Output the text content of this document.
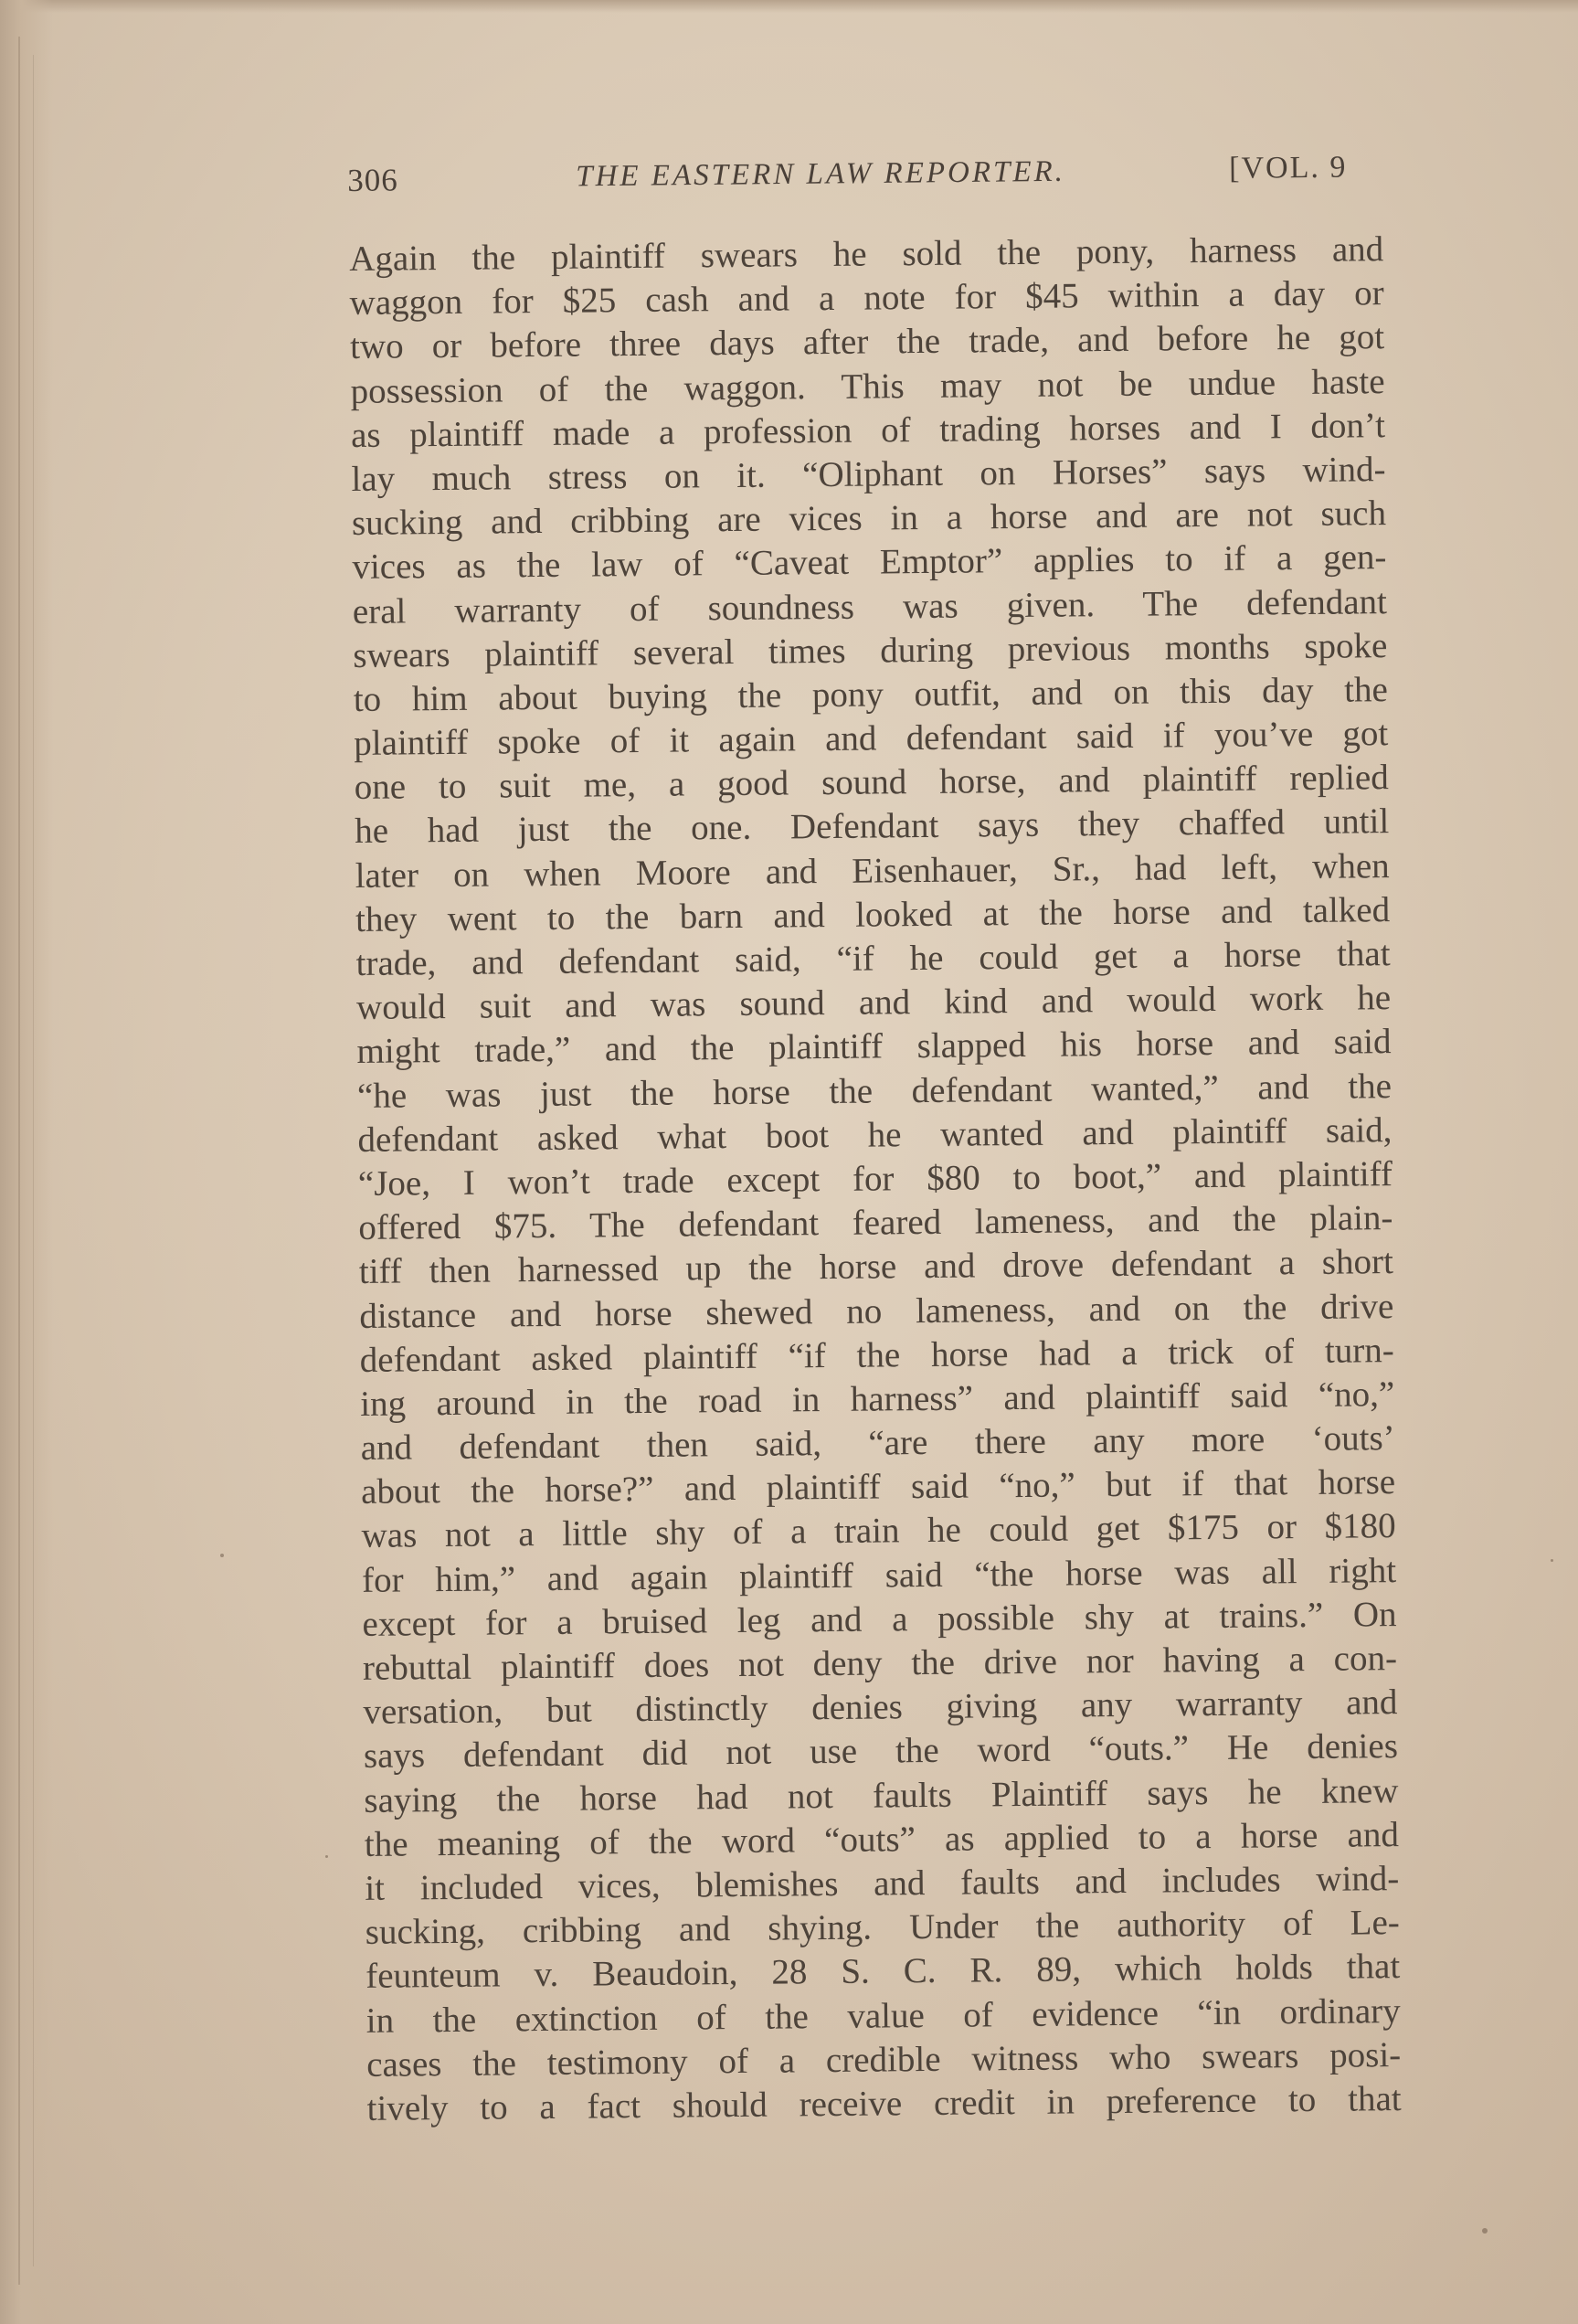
306	THE EASTERN LAW REPORTER.	[VOL. 9
Again the plaintiff swears he sold the pony, harness and
waggon for $25 cash and a note for $45 within a day or
two or before three days after the trade, and before he got
possession of the waggon. This may not be undue haste
as plaintiff made a profession of trading horses and I don’t
lay much stress on it. “Oliphant on Horses” says wind-
sucking and cribbing are vices in a horse and are not such
vices as the law of “Caveat Emptor” applies to if a gen-
eral warranty of soundness was given. The defendant
swears plaintiff several times during previous months spoke
to him about buying the pony outfit, and on this day the
plaintiff spoke of it again and defendant said if you’ve got
one to suit me, a good sound horse, and plaintiff replied
he had just the one. Defendant says they chaffed until
later on when Moore and Eisenhauer, Sr., had left, when
they went to the barn and looked at the horse and talked
trade, and defendant said, “if he could get a horse that
would suit and was sound and kind and would work he
might trade,” and the plaintiff slapped his horse and said
“he was just the horse the defendant wanted,” and the
defendant asked what boot he wanted and plaintiff said,
“Joe, I won’t trade except for $80 to boot,” and plaintiff
offered $75. The defendant feared lameness, and the plain-
tiff then harnessed up the horse and drove defendant a short
distance and horse shewed no lameness, and on the drive
defendant asked plaintiff “if the horse had a trick of turn-
ing around in the road in harness” and plaintiff said “no,”
and defendant then said, “are there any more ‘outs’
about the horse?” and plaintiff said “no,” but if that horse
was not a little shy of a train he could get $175 or $180
for him,” and again plaintiff said “the horse was all right
except for a bruised leg and a possible shy at trains.” On
rebuttal plaintiff does not deny the drive nor having a con-
versation, but distinctly denies giving any warranty and
says defendant did not use the word “outs.” He denies
saying the horse had not faults Plaintiff says he knew
the meaning of the word “outs” as applied to a horse and
it included vices, blemishes and faults and includes wind-
sucking, cribbing and shying. Under the authority of Le-
feunteum v. Beaudoin, 28 S. C. R. 89, which holds that
in the extinction of the value of evidence “in ordinary
cases the testimony of a credible witness who swears posi-
tively to a fact should receive credit in preference to that
